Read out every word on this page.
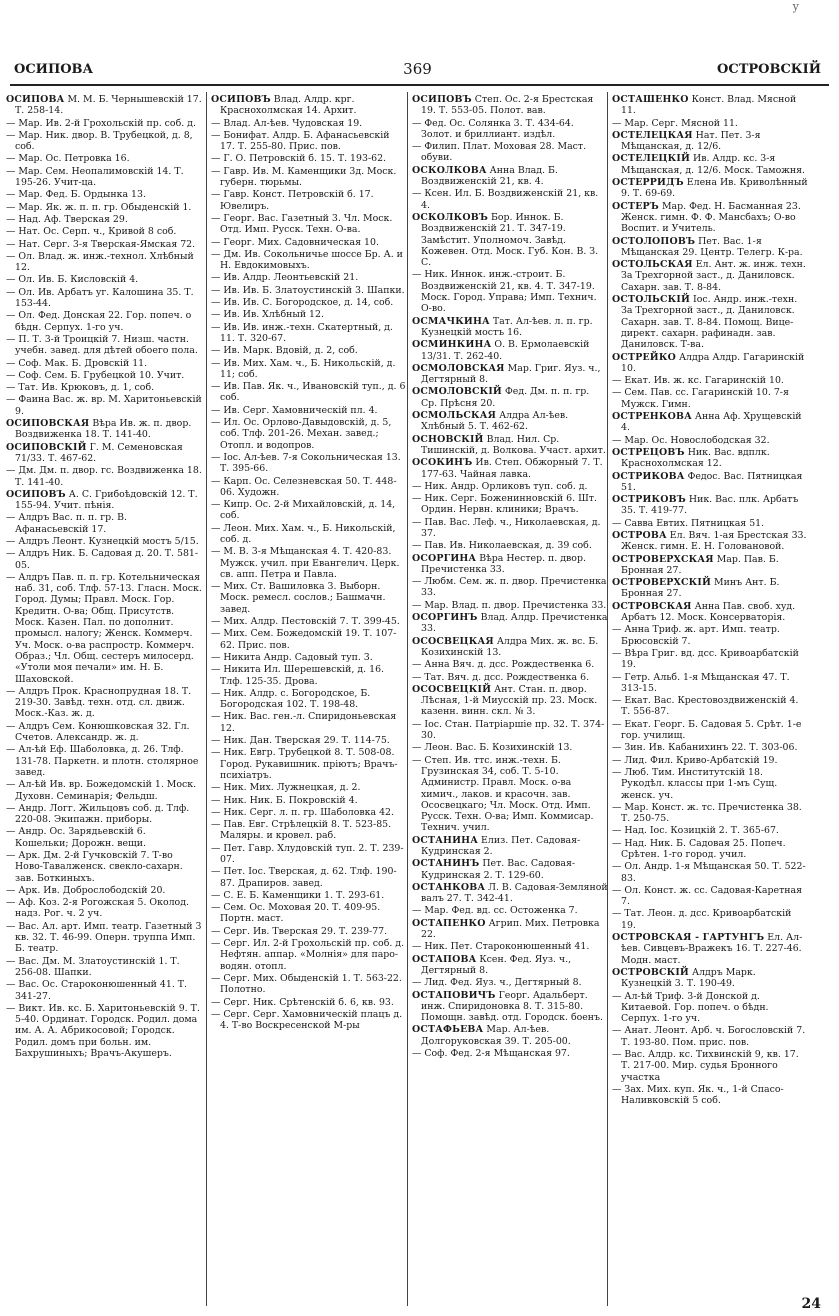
у
ОСИПОВА	369	ОСТРОВСКІЙ
ОСИПОВА М. М. Б. Чернышевскій 17. Т. 258-14.
— Мар. Ив. 2-й Грохольскій пр. соб. д.
— Мар. Ник. двор. В. Трубецкой, д. 8, соб.
— Мар. Ос. Петровка 16.
— Мар. Сем. Неопалимовскій 14. Т. 195-26. Учит-ца.
— Мар. Фед. Б. Ордынка 13.
— Мар. Як. ж. п. п. гр. Обыденскій 1.
— Над. Аф. Тверская 29.
— Нат. Ос. Серп. ч., Кривой 8 соб.
— Нат. Серг. 3-я Тверская-Ямская 72.
— Ол. Влад. ж. инж.-технол. Хлѣбный 12.
— Ол. Ив. Б. Кисловскій 4.
— Ол. Ив. Арбатъ уг. Калошина 35. Т. 153-44.
— Ол. Фед. Донская 22. Гор. попеч. о бѣдн. Серпух. 1-го уч.
— П. Т. 3-й Троицкій 7. Низш. частн. учебн. завед. для дѣтей обоего пола.
— Соф. Мак. Б. Дровскій 11.
— Соф. Сем. Б. Грубецкой 10. Учит.
— Тат. Ив. Крюковъ, д. 1, соб.
— Фаина Вас. ж. вр. М. Харитоньевскій 9.
ОСИПОВСКАЯ Вѣра Ив. ж. п. двор. Воздвиженка 18. Т. 141-40.
ОСИПОВСКІЙ Г. М. Семеновская 71/33. Т. 467-62.
— Дм. Дм. п. двор. гс. Воздвиженка 18. Т. 141-40.
ОСИПОВЪ А. С. Грибоѣдовскій 12. Т. 155-94. Учит. пѣнія.
— Алдръ Вас. п. п. гр. В. Афанасьевскій 17.
— Алдръ Леонт. Кузнецкій мостъ 5/15.
— Алдръ Ник. Б. Садовая д. 20. Т. 581-05.
— Алдръ Пав. п. п. гр. Котельническая наб. 31, соб. Тлф. 57-13. Гласн. Моск. Город. Думы; Правл. Моск. Гор. Кредитн. О-ва; Общ. Присутств. Моск. Казен. Пал. по дополнит. промысл. налогу; Женск. Коммерч. Уч. Моск. о-ва распростр. Коммерч. Образ.; Чл. Общ. сестеръ милосерд. «Утоли моя печали» им. Н. Б. Шаховской.
— Алдръ Прок. Краснопрудная 18. Т. 219-30. Завѣд. техн. отд. сл. движ. Моск.-Каз. ж. д.
— Алдръ Сем. Конюшковская 32. Гл. Счетов. Александр. ж. д.
— Ал-ѣй Еф. Шаболовка, д. 26. Тлф. 131-78. Паркетн. и плотн. столярное завед.
— Ал-ѣй Ив. вр. Божедомскій 1. Моск. Духовн. Семинарія; Фельдш.
— Андр. Логг. Жильцовъ соб. д. Тлф. 220-08. Экипажн. приборы.
— Андр. Ос. Зарядьевскій 6. Кошельки; Дорожн. вещи.
— Арк. Дм. 2-й Гучковскій 7. Т-во Ново-Тавалженск. свекло-сахарн. зав. Боткиныхъ.
— Арк. Ив. Доброслободскій 20.
— Аф. Коз. 2-я Рогожская 5. Околод. надз. Рог. ч. 2 уч.
— Вас. Ал. арт. Имп. театр. Газетный 3 кв. 32. Т. 46-99. Оперн. труппа Имп. Б. театр.
— Вас. Дм. М. Златоустинскій 1. Т. 256-08. Шапки.
— Вас. Ос. Староконюшенный 41. Т. 341-27.
— Викт. Ив. кс. Б. Харитоньевскій 9. Т. 5-40. Ординат. Городск. Родил. дома им. А. А. Абрикосовой; Городск. Родил. домъ при больн. им. Бахрушиныхъ; Врачъ-Акушеръ.
ОСИПОВЪ Влад. Алдр. крг. Краснохолмская 14. Архит.
— Влад. Ал-ѣев. Чудовская 19.
— Бонифат. Алдр. Б. Афанасьевскій 17. Т. 255-80. Прис. пов.
— Г. О. Петровскій б. 15. Т. 193-62.
— Гавр. Ив. М. Каменщики 3д. Моск. губерн. тюрьмы.
— Гавр. Конст. Петровскій б. 17. Ювелиръ.
— Георг. Вас. Газетный 3. Чл. Моск. Отд. Имп. Русск. Техн. О-ва.
— Георг. Мих. Садовническая 10.
— Дм. Ив. Сокольничье шоссе Бр. А. и Н. Евдокимовыхъ.
— Ив. Алдр. Леонтьевскій 21.
— Ив. Ив. Б. Златоустинскій 3. Шапки.
— Ив. Ив. С. Богородское, д. 14, соб.
— Ив. Ив. Хлѣбный 12.
— Ив. Ив. инж.-техн. Скатертный, д. 11. Т. 320-67.
— Ив. Марк. Вдовій, д. 2, соб.
— Ив. Мих. Хам. ч., Б. Никольскій, д. 11; соб.
— Ив. Пав. Як. ч., Ивановскій туп., д. 6 соб.
— Ив. Серг. Хамовническій пл. 4.
— Ил. Ос. Орлово-Давыдовскій, д. 5, соб. Тлф. 201-26. Механ. завед.; Отопл. и водопров.
— Іос. Ал-ѣев. 7-я Сокольническая 13. Т. 395-66.
— Карп. Ос. Селезневская 50. Т. 448-06. Художн.
— Кипр. Ос. 2-й Михайловскій, д. 14, соб.
— Леон. Мих. Хам. ч., Б. Никольскій, соб. д.
— М. В. 3-я Мѣщанская 4. Т. 420-83. Мужск. учил. при Евангелич. Церк. св. апп. Петра и Павла.
— Мих. Ст. Вашиловка 3. Выборн. Моск. ремесл. сослов.; Башмачн. завед.
— Мих. Алдр. Пестовскій 7. Т. 399-45.
— Мих. Сем. Божедомскій 19. Т. 107-62. Прис. пов.
— Никита Андр. Садовый туп. 3.
— Никита Ил. Шерешевскій, д. 16. Тлф. 125-35. Дрова.
— Ник. Алдр. с. Богородское, Б. Богородская 102. Т. 198-48.
— Ник. Вас. ген.-л. Спиридоньевская 12.
— Ник. Дан. Тверская 29. Т. 114-75.
— Ник. Евгр. Трубецкой 8. Т. 508-08. Город. Рукавишник. пріютъ; Врачъ-психіатръ.
— Ник. Мих. Лужнецкая, д. 2.
— Ник. Ник. Б. Покровскій 4.
— Ник. Серг. л. п. гр. Шаболовка 42.
— Пав. Евг. Стрѣлецкій 8. Т. 523-85. Маляры. и кровел. раб.
— Пет. Гавр. Хлудовскій туп. 2. Т. 239-07.
— Пет. Іос. Тверская, д. 62. Тлф. 190-87. Драпиров. завед.
— С. Е. Б. Каменщики 1. Т. 293-61.
— Сем. Ос. Моховая 20. Т. 409-95. Портн. маст.
— Серг. Ив. Тверская 29. Т. 239-77.
— Серг. Ил. 2-й Грохольскій пр. соб. д. Нефтян. аппар. «Молнія» для паро-водян. отопл.
— Серг. Мих. Обыденскій 1. Т. 563-22. Полотно.
— Серг. Ник. Срѣтенскій б. 6, кв. 93.
— Серг. Серг. Хамовническій плацъ д. 4. Т-во Воскресенской М-ры
ОСИПОВЪ Степ. Ос. 2-я Брестская 19. Т. 553-05. Полот. вав.
— Фед. Ос. Солянка 3. Т. 434-64. Золот. и бриллиант. издѣл.
— Филип. Плат. Моховая 28. Маст. обуви.
ОСКОЛКОВА Анна Влад. Б. Воздвиженскій 21, кв. 4.
— Ксен. Ил. Б. Воздвиженскій 21, кв. 4.
ОСКОЛКОВЪ Бор. Иннок. Б. Воздвиженскій 21. Т. 347-19. Замѣстит. Уполномоч. Завѣд. Кожевен. Отд. Моск. Губ. Кон. В. З. С.
— Ник. Иннок. инж.-строит. Б. Воздвиженскій 21, кв. 4. Т. 347-19. Моск. Город. Управа; Имп. Технич. О-во.
ОСМАЧКИНА Тат. Ал-ѣев. л. п. гр. Кузнецкій мостъ 16.
ОСМИНКИНА О. В. Ермолаевскій 13/31. Т. 262-40.
ОСМОЛОВСКАЯ Мар. Григ. Яуз. ч., Дегтярный 8.
ОСМОЛОВСКІЙ Фед. Дм. п. п. гр. Ср. Прѣсня 20.
ОСМОЛЬСКАЯ Алдра Ал-ѣев. Хлѣбный 5. Т. 462-62.
ОСНОВСКІЙ Влад. Нил. Ср. Тишинскій, д. Волкова. Участ. архит.
ОСОКИНЪ Ив. Степ. Обжорный 7. Т. 177-63. Чайная лавка.
— Ник. Андр. Орликовъ туп. соб. д.
— Ник. Серг. Боженинновскій 6. Шт. Ордин. Нервн. клиники; Врачъ.
— Пав. Вас. Леф. ч., Николаевская, д. 37.
— Пав. Ив. Николаевская, д. 39 соб.
ОСОРГИНА Вѣра Нестер. п. двор. Пречистенка 33.
— Любм. Сем. ж. п. двор. Пречистенка 33.
— Мар. Влад. п. двор. Пречистенка 33.
ОСОРГИНЪ Влад. Алдр. Пречистенка 33.
ОСОСВЕЦКАЯ Алдра Мих. ж. вс. Б. Козихинскій 13.
— Анна Вяч. д. дсс. Рождественка 6.
— Тат. Вяч. д. дсс. Рождественка 6.
ОСОСВЕЦКІЙ Ант. Стан. п. двор. Лѣсная, 1-й Миусскій пр. 23. Моск. казенн. винн. скл. № 3.
— Іос. Стан. Патріаршіе пр. 32. Т. 374-30.
— Леон. Вас. Б. Козихинскій 13.
— Степ. Ив. ттс. инж.-техн. Б. Грузинская 34, соб. Т. 5-10. Администр. Правл. Моск. о-ва химич., лаков. и красочн. зав. Ососвецкаго; Чл. Моск. Отд. Имп. Русск. Техн. О-ва; Имп. Коммисар. Технич. учил.
ОСТАНИНА Елиз. Пет. Садовая-Кудринская 2.
ОСТАНИНЪ Пет. Вас. Садовая-Кудринская 2. Т. 129-60.
ОСТАНКОВА Л. В. Садовая-Земляной валъ 27. Т. 342-41.
— Мар. Фед. вд. сс. Остоженка 7.
ОСТАПЕНКО Агрип. Мих. Петровка 22.
— Ник. Пет. Староконюшенный 41.
ОСТАПОВА Ксен. Фед. Яуз. ч., Дегтярный 8.
— Лид. Фед. Яуз. ч., Дегтярный 8.
ОСТАПОВИЧЪ Георг. Адальберт. инж. Спиридоновка 8. Т. 315-80. Помощн. завѣд. отд. Городск. боенъ.
ОСТАФЬЕВА Мар. Ал-ѣев. Долгоруковская 39. Т. 205-00.
— Соф. Фед. 2-я Мѣщанская 97.
ОСТАШЕНКО Конст. Влад. Мясной 11.
— Мар. Серг. Мясной 11.
ОСТЕЛЕЦКАЯ Нат. Пет. 3-я Мѣщанская, д. 12/6.
ОСТЕЛЕЦКІЙ Ив. Алдр. кс. 3-я Мѣщанская, д. 12/6. Моск. Таможня.
ОСТЕРРИДЪ Елена Ив. Криволѣнный 9. Т. 69-69.
ОСТЕРЪ Мар. Фед. Н. Басманная 23. Женск. гимн. Ф. Ф. Мансбахъ; О-во Воспит. и Учитель.
ОСТОЛОПОВЪ Пет. Вас. 1-я Мѣщанская 29. Центр. Телегр. К-ра.
ОСТОЛЬСКАЯ Ел. Ант. ж. инж. техн. За Трехгорной заст., д. Даниловск. Сахарн. зав. Т. 8-84.
ОСТОЛЬСКІЙ Іос. Андр. инж.-техн. За Трехгорной заст., д. Даниловск. Сахарн. зав. Т. 8-84. Помощ. Вице-директ. сахарн. рафинадн. зав. Даниловск. Т-ва.
ОСТРЕЙКО Алдра Алдр. Гагаринскій 10.
— Екат. Ив. ж. кс. Гагаринскій 10.
— Сем. Пав. сс. Гагаринскій 10. 7-я Мужск. Гимн.
ОСТРЕНКОВА Анна Аф. Хрущевскій 4.
— Мар. Ос. Новослободская 32.
ОСТРЕЦОВЪ Ник. Вас. вдплк. Краснохолмская 12.
ОСТРИКОВА Федос. Вас. Пятницкая 51.
ОСТРИКОВЪ Ник. Вас. плк. Арбатъ 35. Т. 419-77.
— Савва Евтих. Пятницкая 51.
ОСТРОВА Ел. Вяч. 1-ая Брестская 33. Женск. гимн. Е. Н. Головановой.
ОСТРОВЕРХСКАЯ Мар. Пав. Б. Бронная 27.
ОСТРОВЕРХСКІЙ Минъ Ант. Б. Бронная 27.
ОСТРОВСКАЯ Анна Пав. своб. худ. Арбатъ 12. Моск. Консерваторія.
— Анна Триф. ж. арт. Имп. театр. Брюсовскій 7.
— Вѣра Григ. вд. дсс. Кривоарбатскій 19.
— Гетр. Альб. 1-я Мѣщанская 47. Т. 313-15.
— Екат. Вас. Крестовоздвиженскій 4. Т. 556-87.
— Екат. Георг. Б. Садовая 5. Срѣт. 1-е гор. училищ.
— Зин. Ив. Кабанихинъ 22. Т. 303-06.
— Лид. Фил. Криво-Арбатскій 19.
— Люб. Тим. Институтскій 18. Рукодѣл. классы при 1-мъ Сущ. женск. уч.
— Мар. Конст. ж. тс. Пречистенка 38. Т. 250-75.
— Над. Іос. Козицкій 2. Т. 365-67.
— Над. Ник. Б. Садовая 25. Попеч. Срѣтен. 1-го город. учил.
— Ол. Андр. 1-я Мѣщанская 50. Т. 522-83.
— Ол. Конст. ж. сс. Садовая-Каретная 7.
— Тат. Леон. д. дсс. Кривоарбатскій 19.
ОСТРОВСКАЯ - ГАРТУНГЪ Ел. Ал-ѣев. Сивцевъ-Вражекъ 16. Т. 227-46. Модн. маст.
ОСТРОВСКІЙ Алдръ Марк. Кузнецкій 3. Т. 190-49.
— Ал-ѣй Триф. 3-й Донской д. Китаевой. Гор. попеч. о бѣдн. Серпух. 1-го уч.
— Анат. Леонт. Арб. ч. Богословскій 7. Т. 193-80. Пом. прис. пов.
— Вас. Алдр. кс. Тихвинскій 9, кв. 17. Т. 217-00. Мир. судья Бронного участка
— Зах. Мих. куп. Як. ч., 1-й Спасо-Наливковскій 5 соб.
24
